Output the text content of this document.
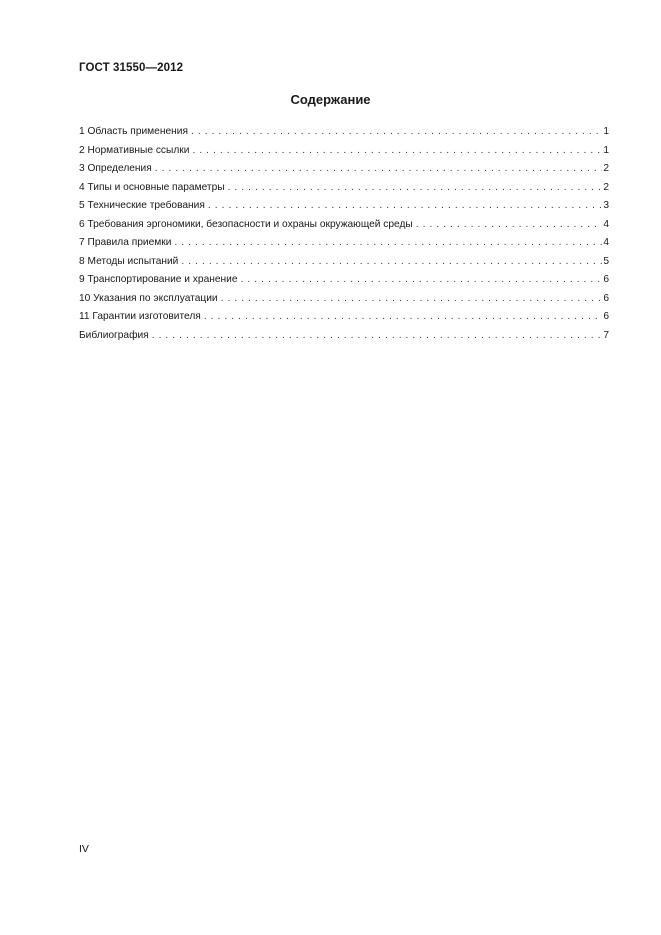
ГОСТ 31550—2012
Содержание
1 Область применения . . .	1
2 Нормативные ссылки . . .	1
3 Определения . . .	2
4 Типы и основные параметры . . .	2
5 Технические требования . . .	3
6 Требования эргономики, безопасности и охраны окружающей среды . . .	4
7 Правила приемки . . .	4
8 Методы испытаний . . .	5
9 Транспортирование и хранение . . .	6
10 Указания по эксплуатации . . .	6
11 Гарантии изготовителя . . .	6
Библиография . . .	7
IV
